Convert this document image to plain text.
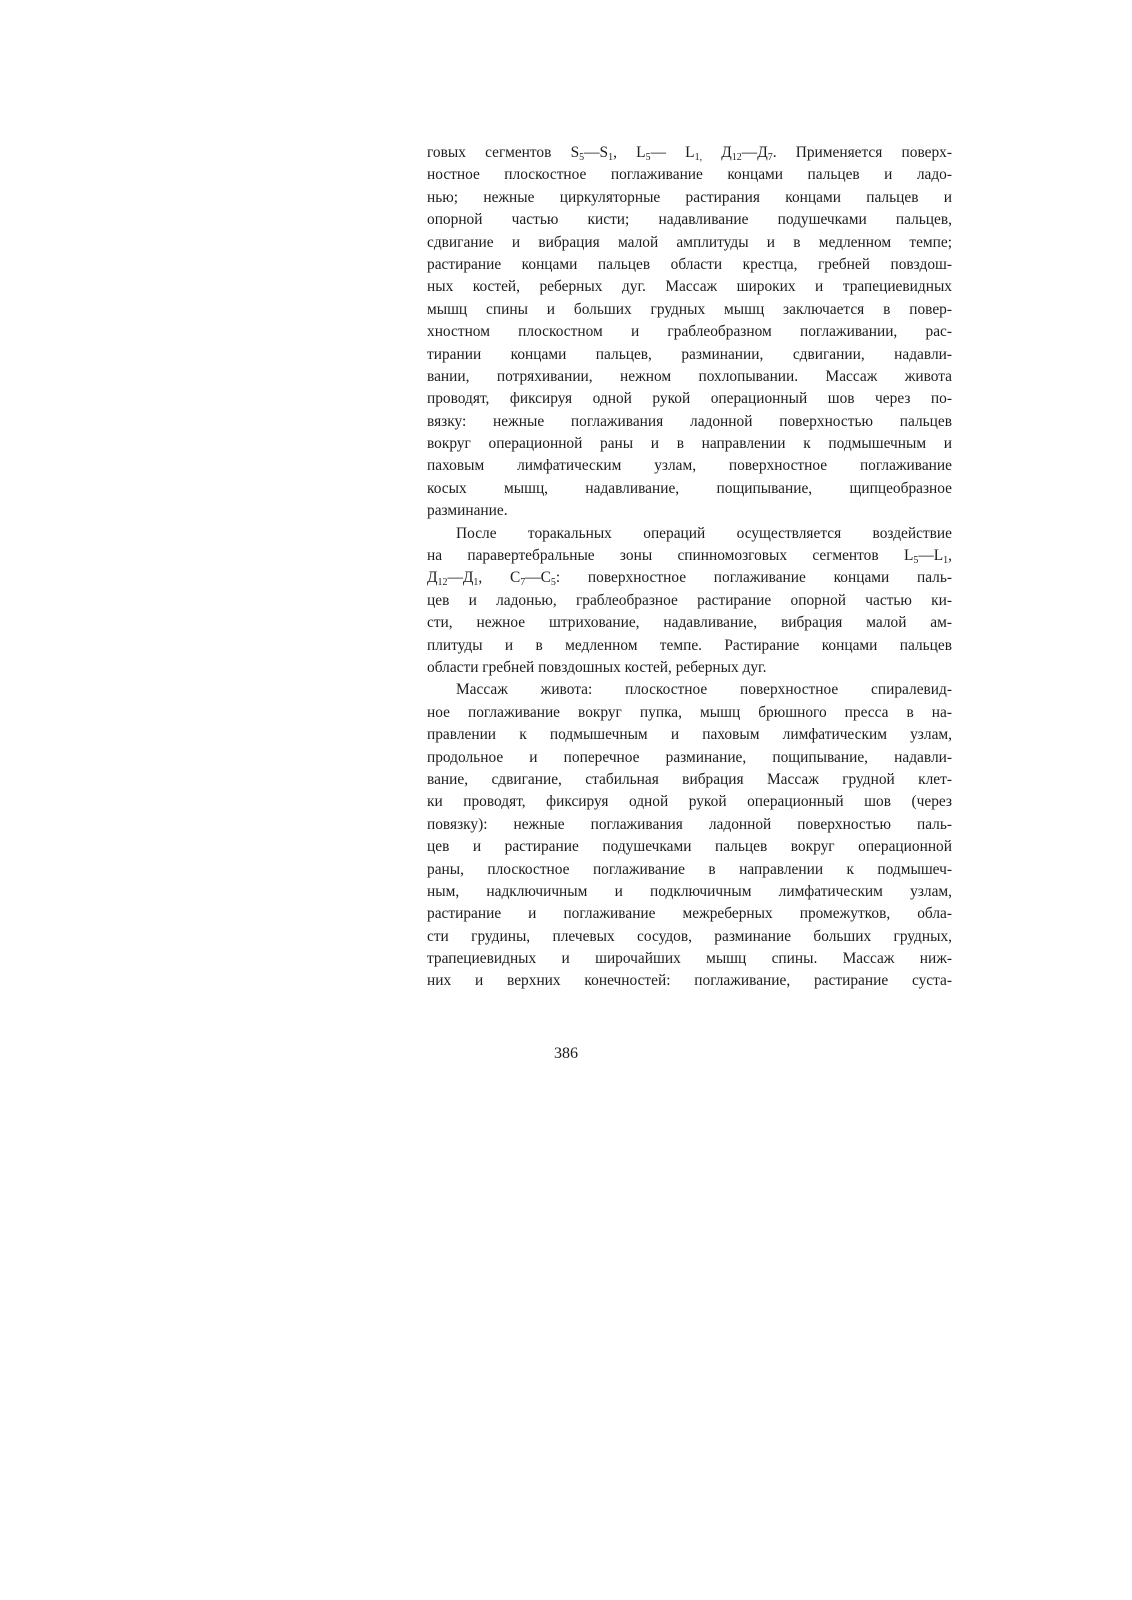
говых сегментов $S_5—S_1$, $L_5—$ $L_{1,}$ $Д_{12}—Д_7$. Применяется поверх-
ностное плоскостное поглаживание концами пальцев и ладо-
нью; нежные циркуляторные растирания концами пальцев и
опорной частью кисти; надавливание подушечками пальцев,
сдвигание и вибрация малой амплитуды и в медленном темпе;
растирание концами пальцев области крестца, гребней повздош-
ных костей, реберных дуг. Массаж широких и трапециевидных
мышц спины и больших грудных мышц заключается в повер-
хностном плоскостном и граблеобразном поглаживании, рас-
тирании концами пальцев, разминании, сдвигании, надавли-
вании, потряхивании, нежном похлопывании. Массаж живота
проводят, фиксируя одной рукой операционный шов через по-
вязку: нежные поглаживания ладонной поверхностью пальцев
вокруг операционной раны и в направлении к подмышечным и
паховым лимфатическим узлам, поверхностное поглаживание
косых мышц, надавливание, пощипывание, щипцеобразное
разминание.
После торакальных операций осуществляется воздействие
на паравертебральные зоны спинномозговых сегментов $L_5—L_1$,
$Д_{12}—Д_1$, $С_7—С_5$: поверхностное поглаживание концами паль-
цев и ладонью, граблеобразное растирание опорной частью ки-
сти, нежное штрихование, надавливание, вибрация малой ам-
плитуды и в медленном темпе. Растирание концами пальцев
области гребней повздошных костей, реберных дуг.
Массаж живота: плоскостное поверхностное спиралевид-
ное поглаживание вокруг пупка, мышц брюшного пресса в на-
правлении к подмышечным и паховым лимфатическим узлам,
продольное и поперечное разминание, пощипывание, надавли-
вание, сдвигание, стабильная вибрация Массаж грудной клет-
ки проводят, фиксируя одной рукой операционный шов (через
повязку): нежные поглаживания ладонной поверхностью паль-
цев и растирание подушечками пальцев вокруг операционной
раны, плоскостное поглаживание в направлении к подмышеч-
ным, надключичным и подключичным лимфатическим узлам,
растирание и поглаживание межреберных промежутков, обла-
сти грудины, плечевых сосудов, разминание больших грудных,
трапециевидных и широчайших мышц спины. Массаж ниж-
них и верхних конечностей: поглаживание, растирание суста-
386
